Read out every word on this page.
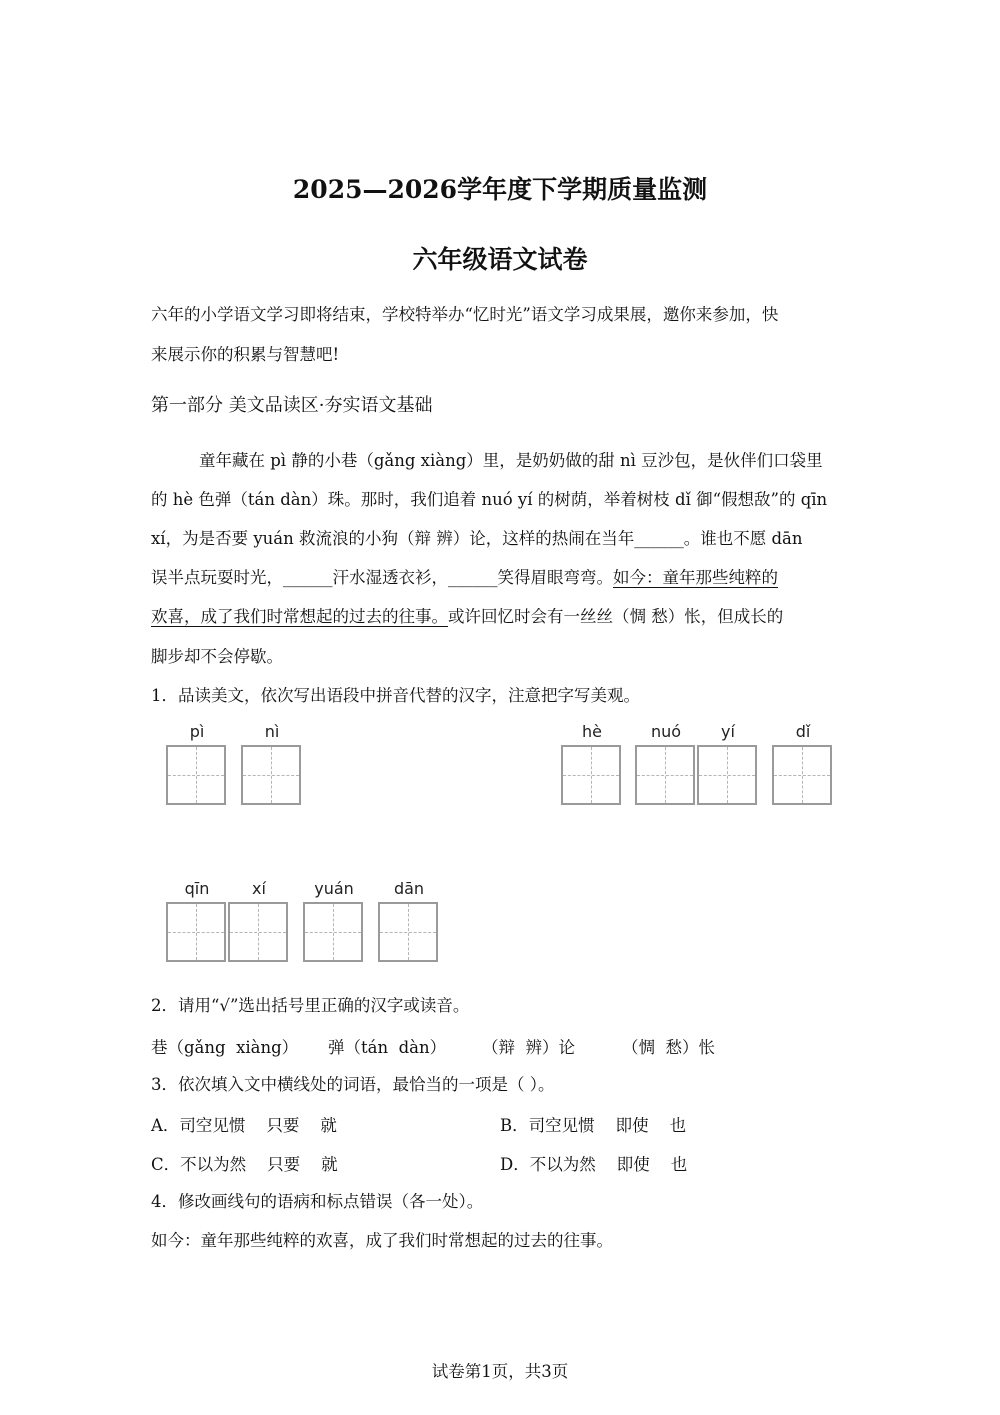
2025—2026学年度下学期质量监测
六年级语文试卷
六年的小学语文学习即将结束，学校特举办“忆时光”语文学习成果展，邀你来参加，快
来展示你的积累与智慧吧!
第一部分 美文品读区·夯实语文基础
童年藏在 pì 静的小巷（gǎng xiàng）里，是奶奶做的甜 nì 豆沙包，是伙伴们口袋里
的 hè 色弹（tán dàn）珠。那时，我们追着 nuó yí 的树荫，举着树枝 dǐ 御“假想敌”的 qīn
xí，为是否要 yuán 救流浪的小狗（辩 辨）论，这样的热闹在当年______。谁也不愿 dān
误半点玩耍时光，______汗水湿透衣衫，______笑得眉眼弯弯。如今：童年那些纯粹的
欢喜，成了我们时常想起的过去的往事。或许回忆时会有一丝丝（惆 愁）怅，但成长的
脚步却不会停歇。
1．品读美文，依次写出语段中拼音代替的汉字，注意把字写美观。
pì	nì	hè	nuó	yí	dǐ
qīn	xí	yuán	dān
2．请用“√”选出括号里正确的汉字或读音。
巷（gǎng  xiàng） 弹（tán  dàn） （辩  辨）论	（惆  愁）怅
3．依次填入文中横线处的词语，最恰当的一项是（ ）。
A．司空见惯    只要    就	B．司空见惯    即使    也
C．不以为然    只要    就	D．不以为然    即使    也
4．修改画线句的语病和标点错误（各一处）。
如今：童年那些纯粹的欢喜，成了我们时常想起的过去的往事。
试卷第1页，共3页
